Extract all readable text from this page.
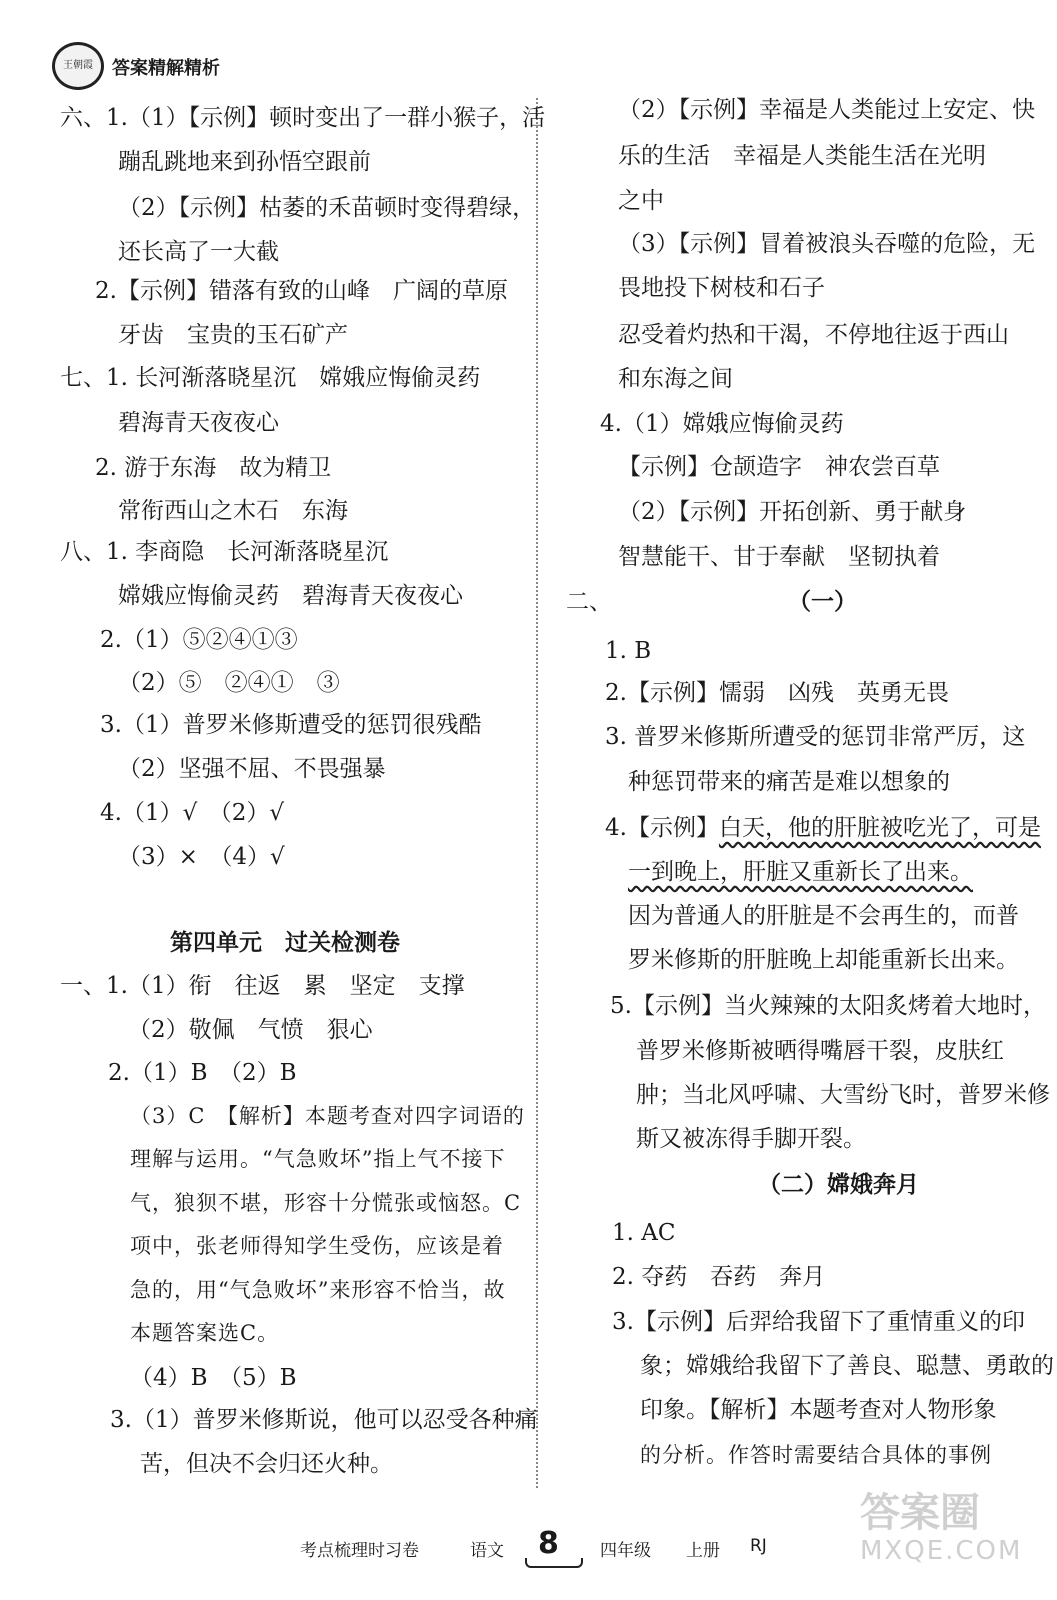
王朝霞	答案精解精析
六、1.（1）【示例】顿时变出了一群小猴子，活
蹦乱跳地来到孙悟空跟前
（2）【示例】枯萎的禾苗顿时变得碧绿，
还长高了一大截
2.【示例】错落有致的山峰　广阔的草原
牙齿　宝贵的玉石矿产
七、1. 长河渐落晓星沉　嫦娥应悔偷灵药
碧海青天夜夜心
2. 游于东海　故为精卫
常衔西山之木石　东海
八、1. 李商隐　长河渐落晓星沉
嫦娥应悔偷灵药　碧海青天夜夜心
2.（1）⑤②④①③
（2）⑤　②④①　③
3.（1）普罗米修斯遭受的惩罚很残酷
（2）坚强不屈、不畏强暴
4.（1）√　（2）√
（3）×　（4）√
第四单元　过关检测卷
一、1.（1）衔　往返　累　坚定　支撑
（2）敬佩　气愤　狠心
2.（1）B　（2）B
（3）C　【解析】本题考查对四字词语的
理解与运用。“气急败坏”指上气不接下
气，狼狈不堪，形容十分慌张或恼怒。C
项中，张老师得知学生受伤，应该是着
急的，用“气急败坏”来形容不恰当，故
本题答案选C。
（4）B　（5）B
3.（1）普罗米修斯说，他可以忍受各种痛
苦，但决不会归还火种。
（2）【示例】幸福是人类能过上安定、快
乐的生活　幸福是人类能生活在光明
之中
（3）【示例】冒着被浪头吞噬的危险，无
畏地投下树枝和石子
忍受着灼热和干渴，不停地往返于西山
和东海之间
4.（1）嫦娥应悔偷灵药
【示例】仓颉造字　神农尝百草
（2）【示例】开拓创新、勇于献身
智慧能干、甘于奉献　坚韧执着
二、	（一）
1. B
2.【示例】懦弱　凶残　英勇无畏
3. 普罗米修斯所遭受的惩罚非常严厉，这
种惩罚带来的痛苦是难以想象的
4.【示例】白天，他的肝脏被吃光了，可是
一到晚上，肝脏又重新长了出来。
因为普通人的肝脏是不会再生的，而普
罗米修斯的肝脏晚上却能重新长出来。
5.【示例】当火辣辣的太阳炙烤着大地时，
普罗米修斯被晒得嘴唇干裂，皮肤红
肿；当北风呼啸、大雪纷飞时，普罗米修
斯又被冻得手脚开裂。
（二）嫦娥奔月
1. AC
2. 夺药　吞药　奔月
3.【示例】后羿给我留下了重情重义的印
象；嫦娥给我留下了善良、聪慧、勇敢的
印象。【解析】本题考查对人物形象
的分析。作答时需要结合具体的事例
考点梳理时习卷	语文 8 四年级 上册 RJ
答案圈
MXQE.COM
